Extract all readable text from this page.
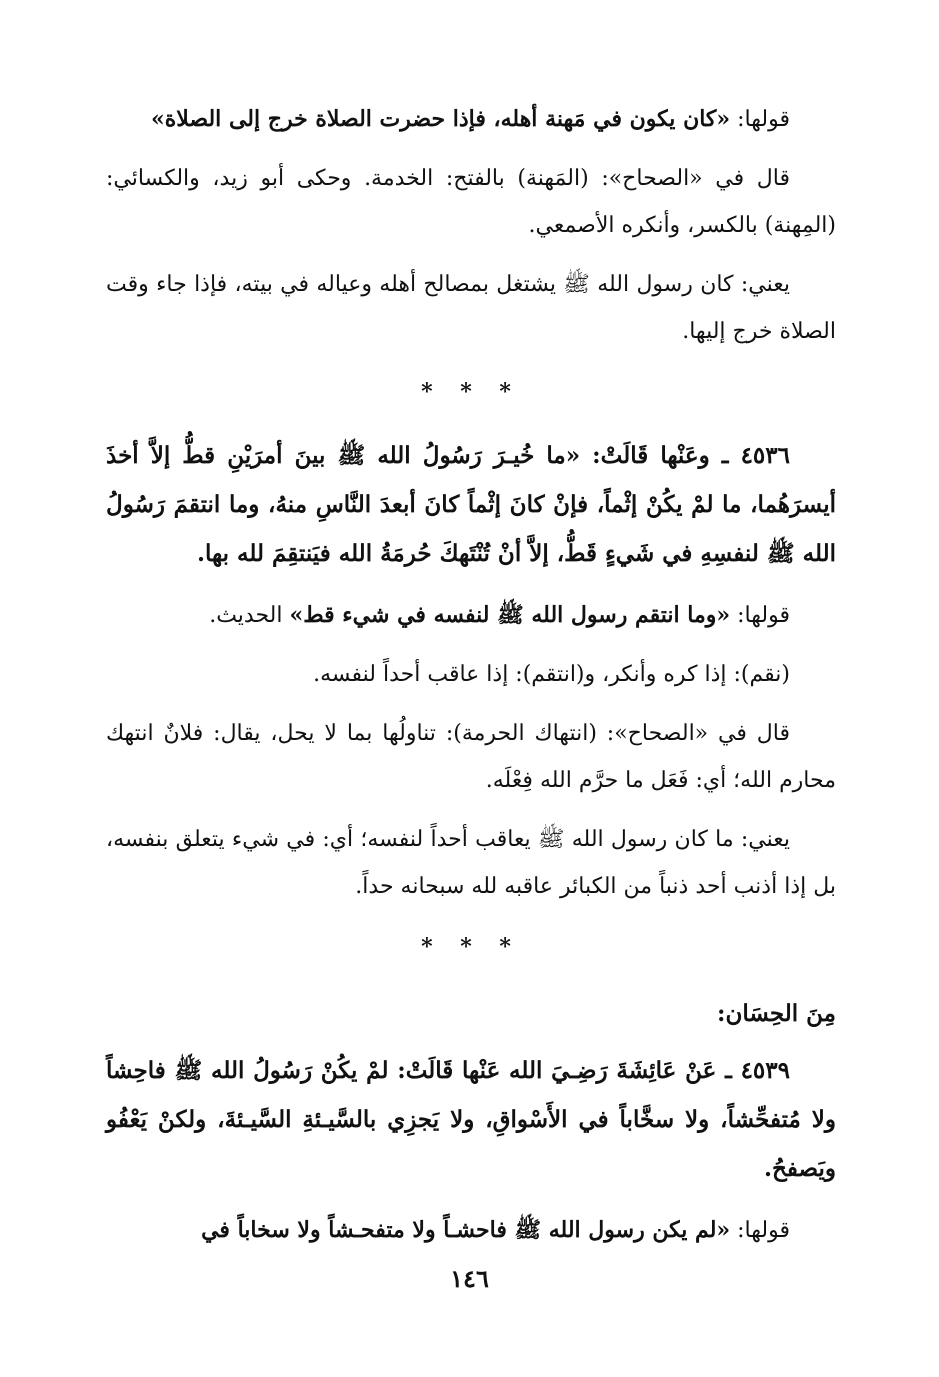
قولها: «كان يكون في مَهنة أهله، فإذا حضرت الصلاة خرج إلى الصلاة»

قال في «الصحاح»: (المَهنة) بالفتح: الخدمة. وحكى أبو زيد، والكسائي: (المِهنة) بالكسر، وأنكره الأصمعي.

يعني: كان رسول الله ﷺ يشتغل بمصالح أهله وعياله في بيته، فإذا جاء وقت الصلاة خرج إليها.

* * *

٤٥٣٦ ـ وعَنْها قَالَتْ: «ما خُيـرَ رَسُولُ الله ﷺ بينَ أمرَيْنِ قطُّ إلاَّ أخذَ أيسرَهُما، ما لمْ يكُنْ إثْماً، فإنْ كانَ إثْماً كانَ أبعدَ النَّاسِ منهُ، وما انتقمَ رَسُولُ الله ﷺ لنفسِهِ في شَيءٍ قَطُّ، إلاَّ أنْ تُنْتَهكَ حُرمَةُ الله فيَنتقِمَ لله بها.

قولها: «وما انتقم رسول الله ﷺ لنفسه في شيء قط» الحديث.

(نقم): إذا كره وأنكر، و(انتقم): إذا عاقب أحداً لنفسه.

قال في «الصحاح»: (انتهاك الحرمة): تناولُها بما لا يحل، يقال: فلانٌ انتهك محارم الله؛ أي: فَعَل ما حرَّم الله فِعْلَه.

يعني: ما كان رسول الله ﷺ يعاقب أحداً لنفسه؛ أي: في شيء يتعلق بنفسه، بل إذا أذنب أحد ذنباً من الكبائر عاقبه لله سبحانه حداً.

* * *
مِنَ الحِسَان:

٤٥٣٩ ـ عَنْ عَائِشَةَ رَضِـيَ الله عَنْها قَالَتْ: لمْ يكُنْ رَسُولُ الله ﷺ فاحِشاً ولا مُتفحِّشاً، ولا سخَّاباً في الأَسْواقِ، ولا يَجزِي بالسَّيـئةِ السَّيـئةَ، ولكنْ يَعْفُو ويَصفحُ.

قولها: «لم يكن رسول الله ﷺ فاحشـاً ولا متفحـشاً ولا سخاباً في

١٤٦
